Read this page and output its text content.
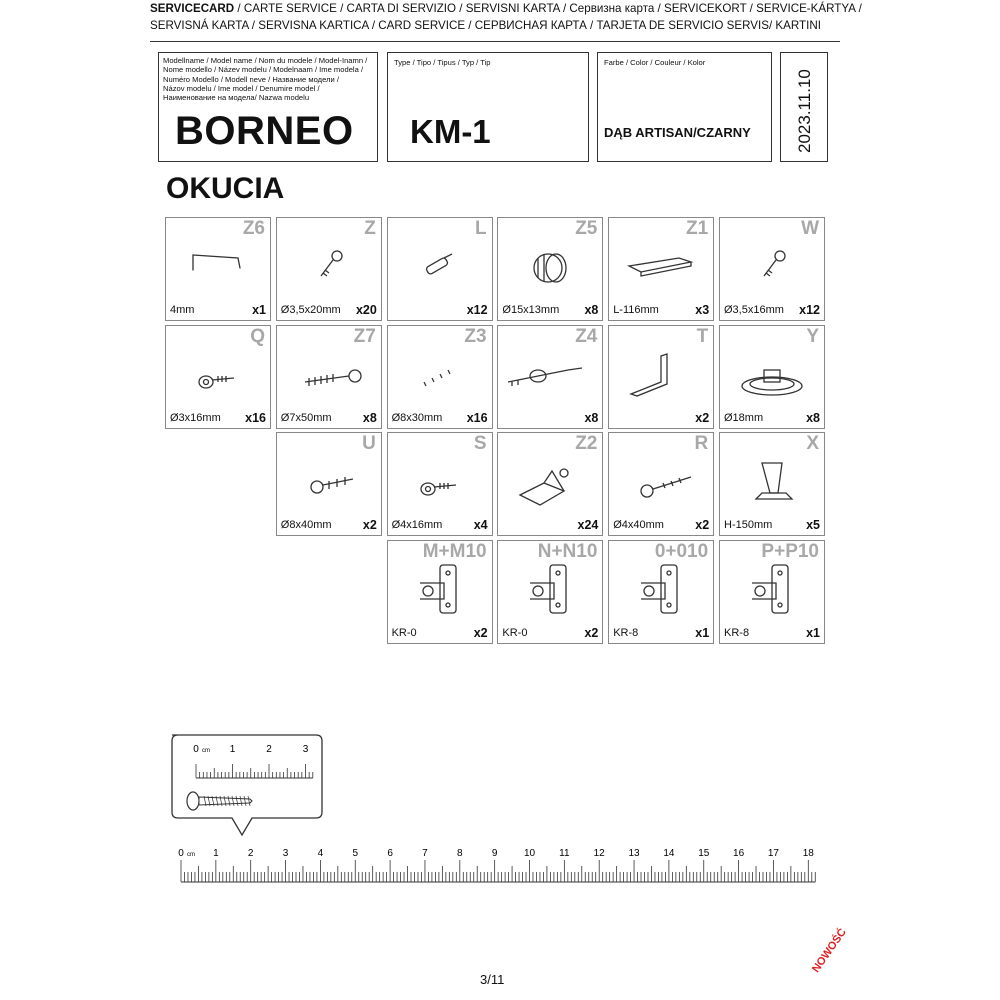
SERVICECARD / CARTE SERVICE / CARTA DI SERVIZIO / SERVISNI KARTA / Сервизна карта / SERVICEKORT / SERVICE-KÁRTYA /
SERVISNÁ KARTA / SERVISNA KARTICA / CARD SERVICE / СЕРВИСНАЯ КАРТА / TARJETA DE SERVICIO SERVIS/ KARTINI
Modellname / Model name / Nom du modele / Model-Inamn /
Nome modello / Název modelu / Modelnaam / Ime modela /
Numéro Modello / Modell neve / Название модели /
Názov modelu / Ime model / Denumire model /
Наименование на модела/ Nazwa modelu
BORNEO
Type / Tipo / Tipus / Typ / Tip
KM-1
Farbe / Color / Couleur / Kolor
DĄB ARTISAN/CZARNY	2023.11.10
OKUCIA
Z6
4mm	x1
Z
Ø3,5x20mm x20
L
x12
Z5
Ø15x13mm x8
Z1
L-116mm	x3
W
Ø3,5x16mm x12
Q
Ø3x16mm x16
Z7
Ø7x50mm	x8
Z3
Ø8x30mm x16
Z4
x8
T
x2
Y
Ø18mm	x8
U
Ø8x40mm	x2
S
Ø4x16mm	x4
Z2
x24
R
Ø4x40mm	x2
X
H-150mm	x5
M+M10
KR-0	x2
N+N10
KR-0	x2
0+010
KR-8	x1
P+P10
KR-8	x1
0 cm 1	2	3
0 cm 1	2	3	4	5	6	7	8	9	10 11 12 13 14 15 16 17 18
3/11
NOWOŚĆ
